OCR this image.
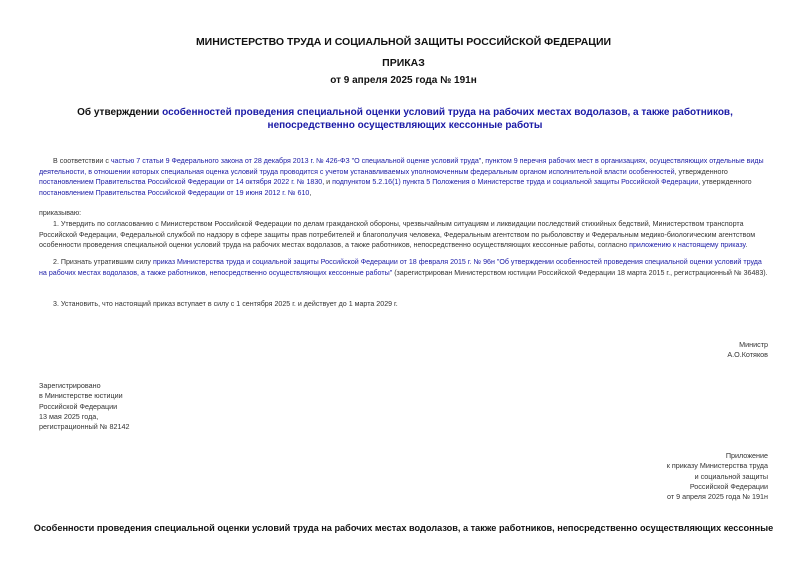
МИНИСТЕРСТВО ТРУДА И СОЦИАЛЬНОЙ ЗАЩИТЫ РОССИЙСКОЙ ФЕДЕРАЦИИ
ПРИКАЗ
от 9 апреля 2025 года № 191н
Об утверждении особенностей проведения специальной оценки условий труда на рабочих местах водолазов, а также работников, непосредственно осуществляющих кессонные работы
В соответствии с частью 7 статьи 9 Федерального закона от 28 декабря 2013 г. № 426-ФЗ "О специальной оценке условий труда", пунктом 9 перечня рабочих мест в организациях, осуществляющих отдельные виды деятельности, в отношении которых специальная оценка условий труда проводится с учетом устанавливаемых уполномоченным федеральным органом исполнительной власти особенностей, утвержденного постановлением Правительства Российской Федерации от 14 октября 2022 г. № 1830, и подпунктом 5.2.16(1) пункта 5 Положения о Министерстве труда и социальной защиты Российской Федерации, утвержденного постановлением Правительства Российской Федерации от 19 июня 2012 г. № 610,
приказываю:
1. Утвердить по согласованию с Министерством Российской Федерации по делам гражданской обороны, чрезвычайным ситуациям и ликвидации последствий стихийных бедствий, Министерством транспорта Российской Федерации, Федеральной службой по надзору в сфере защиты прав потребителей и благополучия человека, Федеральным агентством по рыболовству и Федеральным медико-биологическим агентством особенности проведения специальной оценки условий труда на рабочих местах водолазов, а также работников, непосредственно осуществляющих кессонные работы, согласно приложению к настоящему приказу.
2. Признать утратившим силу приказ Министерства труда и социальной защиты Российской Федерации от 18 февраля 2015 г. № 96н "Об утверждении особенностей проведения специальной оценки условий труда на рабочих местах водолазов, а также работников, непосредственно осуществляющих кессонные работы" (зарегистрирован Министерством юстиции Российской Федерации 18 марта 2015 г., регистрационный № 36483).
3. Установить, что настоящий приказ вступает в силу с 1 сентября 2025 г. и действует до 1 марта 2029 г.
Министр
А.О.Котяков
Зарегистрировано
в Министерстве юстиции
Российской Федерации
13 мая 2025 года,
регистрационный № 82142
Приложение
к приказу Министерства труда
и социальной защиты
Российской Федерации
от 9 апреля 2025 года № 191н
Особенности проведения специальной оценки условий труда на рабочих местах водолазов, а также работников, непосредственно осуществляющих кессонные
